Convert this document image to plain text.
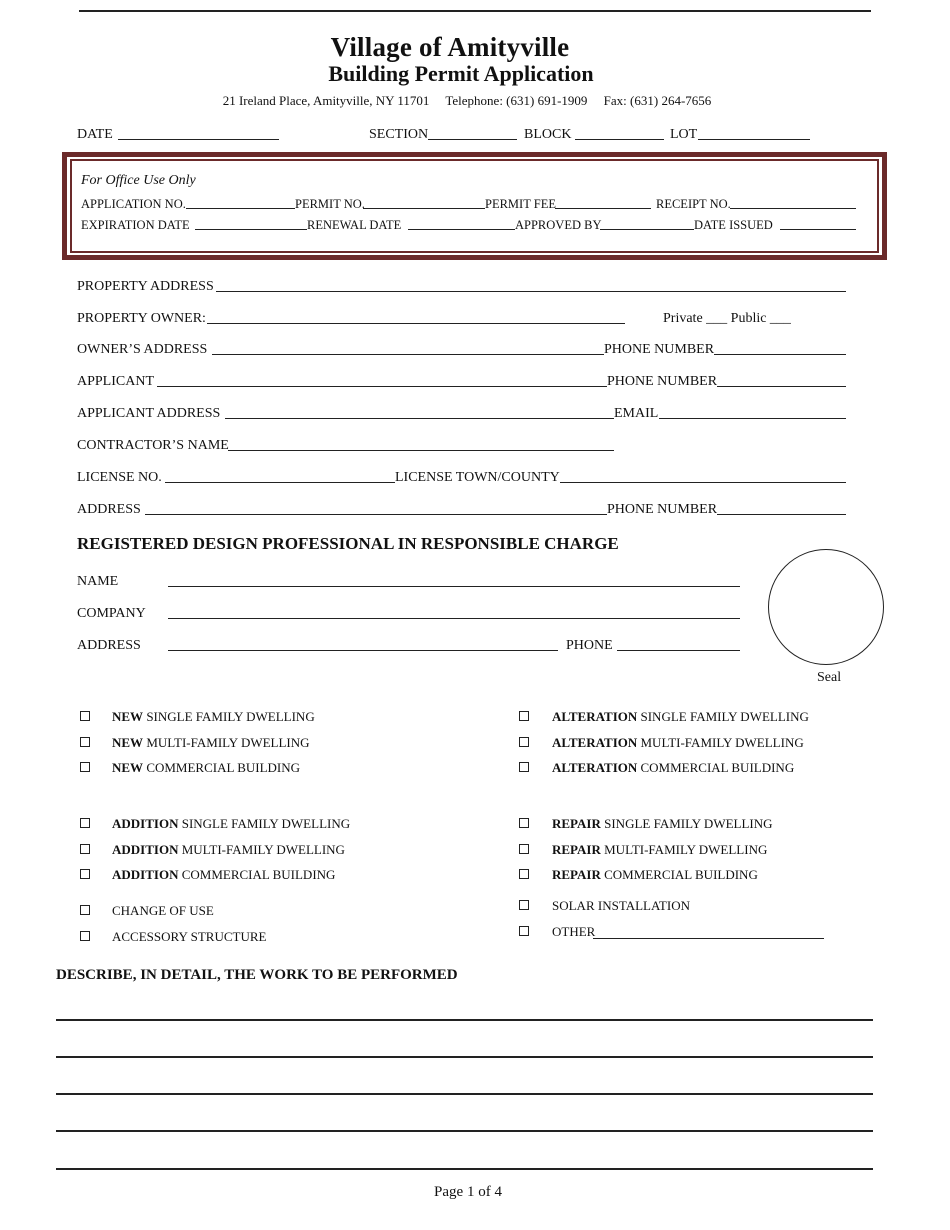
Village of Amityville
Building Permit Application
21 Ireland Place, Amityville, NY 11701 Telephone: (631) 691-1909 Fax: (631) 264-7656
DATE	SECTION	BLOCK	LOT
For Office Use Only
APPLICATION NO.	PERMIT NO.	PERMIT FEE	RECEIPT NO.
EXPIRATION DATE	RENEWAL DATE	APPROVED BY	DATE ISSUED
PROPERTY ADDRESS
PROPERTY OWNER:	Private ___ Public ___
OWNER’S ADDRESS	PHONE NUMBER
APPLICANT	PHONE NUMBER
APPLICANT ADDRESS	EMAIL
CONTRACTOR’S NAME
LICENSE NO.	LICENSE TOWN/COUNTY
ADDRESS	PHONE NUMBER
REGISTERED DESIGN PROFESSIONAL IN RESPONSIBLE CHARGE
NAME
COMPANY
ADDRESS	PHONE
Seal
NEW SINGLE FAMILY DWELLING
NEW MULTI-FAMILY DWELLING
NEW COMMERCIAL BUILDING
ADDITION SINGLE FAMILY DWELLING
ADDITION MULTI-FAMILY DWELLING
ADDITION COMMERCIAL BUILDING
CHANGE OF USE
ACCESSORY STRUCTURE
ALTERATION SINGLE FAMILY DWELLING
ALTERATION MULTI-FAMILY DWELLING
ALTERATION COMMERCIAL BUILDING
REPAIR SINGLE FAMILY DWELLING
REPAIR MULTI-FAMILY DWELLING
REPAIR COMMERCIAL BUILDING
SOLAR INSTALLATION
OTHER
DESCRIBE, IN DETAIL, THE WORK TO BE PERFORMED
Page 1 of 4
